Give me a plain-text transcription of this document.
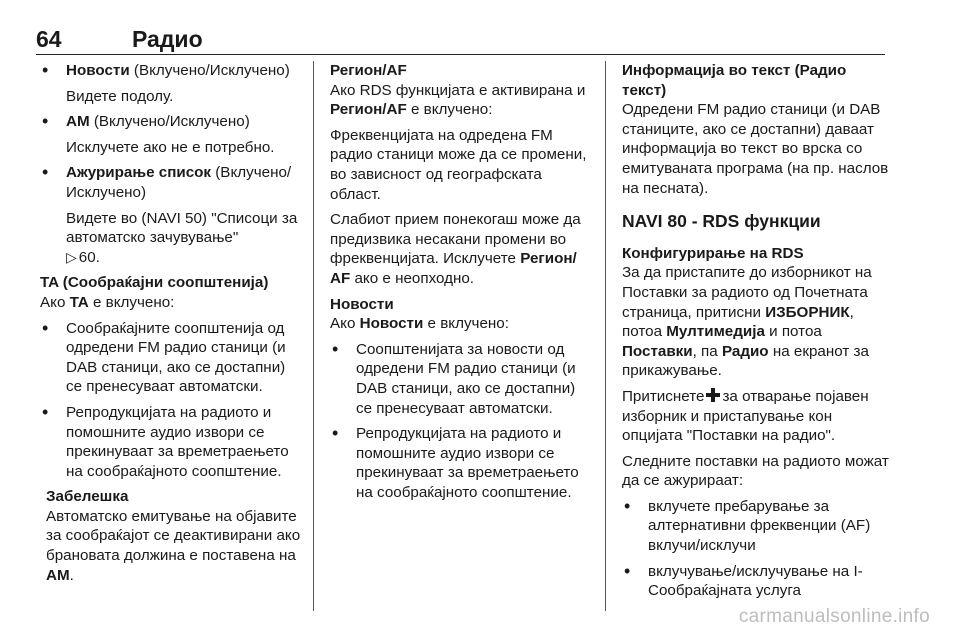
64	Радио
•
Новости (Вклучено/Исклучено)
Видете подолу.
•
AM (Вклучено/Исклучено)
Исклучете ако не е потребно.
•
Ажурирање список (Вклучено/ Исклучено)
Видете во (NAVI 50) "Списоци за автоматско зачувување"
▷ 60.
TA (Сообраќајни соопштенија)

Ако TA е вклучено:

•
Сообраќајните соопштенија од одредени FM радио станици (и DAB станици, ако се достапни) се пренесуваат автоматски.
•
Репродукцијата на радиото и помошните аудио извори се прекинуваат за времетраењето на сообраќајното соопштение.
Забелешка

Автоматско емитување на објавите за сообраќајот се деактивирани ако брановата должина е поставена на AM.

Регион/AF

Ако RDS функцијата е активирана и Регион/AF е вклучено:

Фреквенцијата на одредена FM радио станици може да се промени, во зависност од географската област.

Слабиот прием понекогаш може да предизвика несакани промени во фреквенцијата. Исклучете Регион/ AF ако е неопходно.

Новости

Ако Новости е вклучено:

•
Соопштенијата за новости од одредени FM радио станици (и DAB станици, ако се достапни) се пренесуваат автоматски.
•
Репродукцијата на радиото и помошните аудио извори се прекинуваат за времетраењето на сообраќајното соопштение.
Информација во текст (Радио текст)

Одредени FM радио станици (и DAB станиците, ако се достапни) даваат информација во текст во врска со емитуваната програма (на пр. наслов на песната).

NAVI 80 - RDS функции
Конфигурирање на RDS

За да пристапите до изборникот на Поставки за радиото од Почетната страница, притисни ИЗБОРНИК, потоа Мултимедија и потоа Поставки, па Радио на екранот за прикажување.

Притиснете за отварање појавен изборник и пристапување кон опцијата "Поставки на радио".

Следните поставки на радиото можат да се ажурираат:

•
вклучете пребарување за алтернативни фреквенции (AF) вклучи/исклучи
•
вклучување/исклучување на I-Сообраќајната услуга
carmanualsonline.info
